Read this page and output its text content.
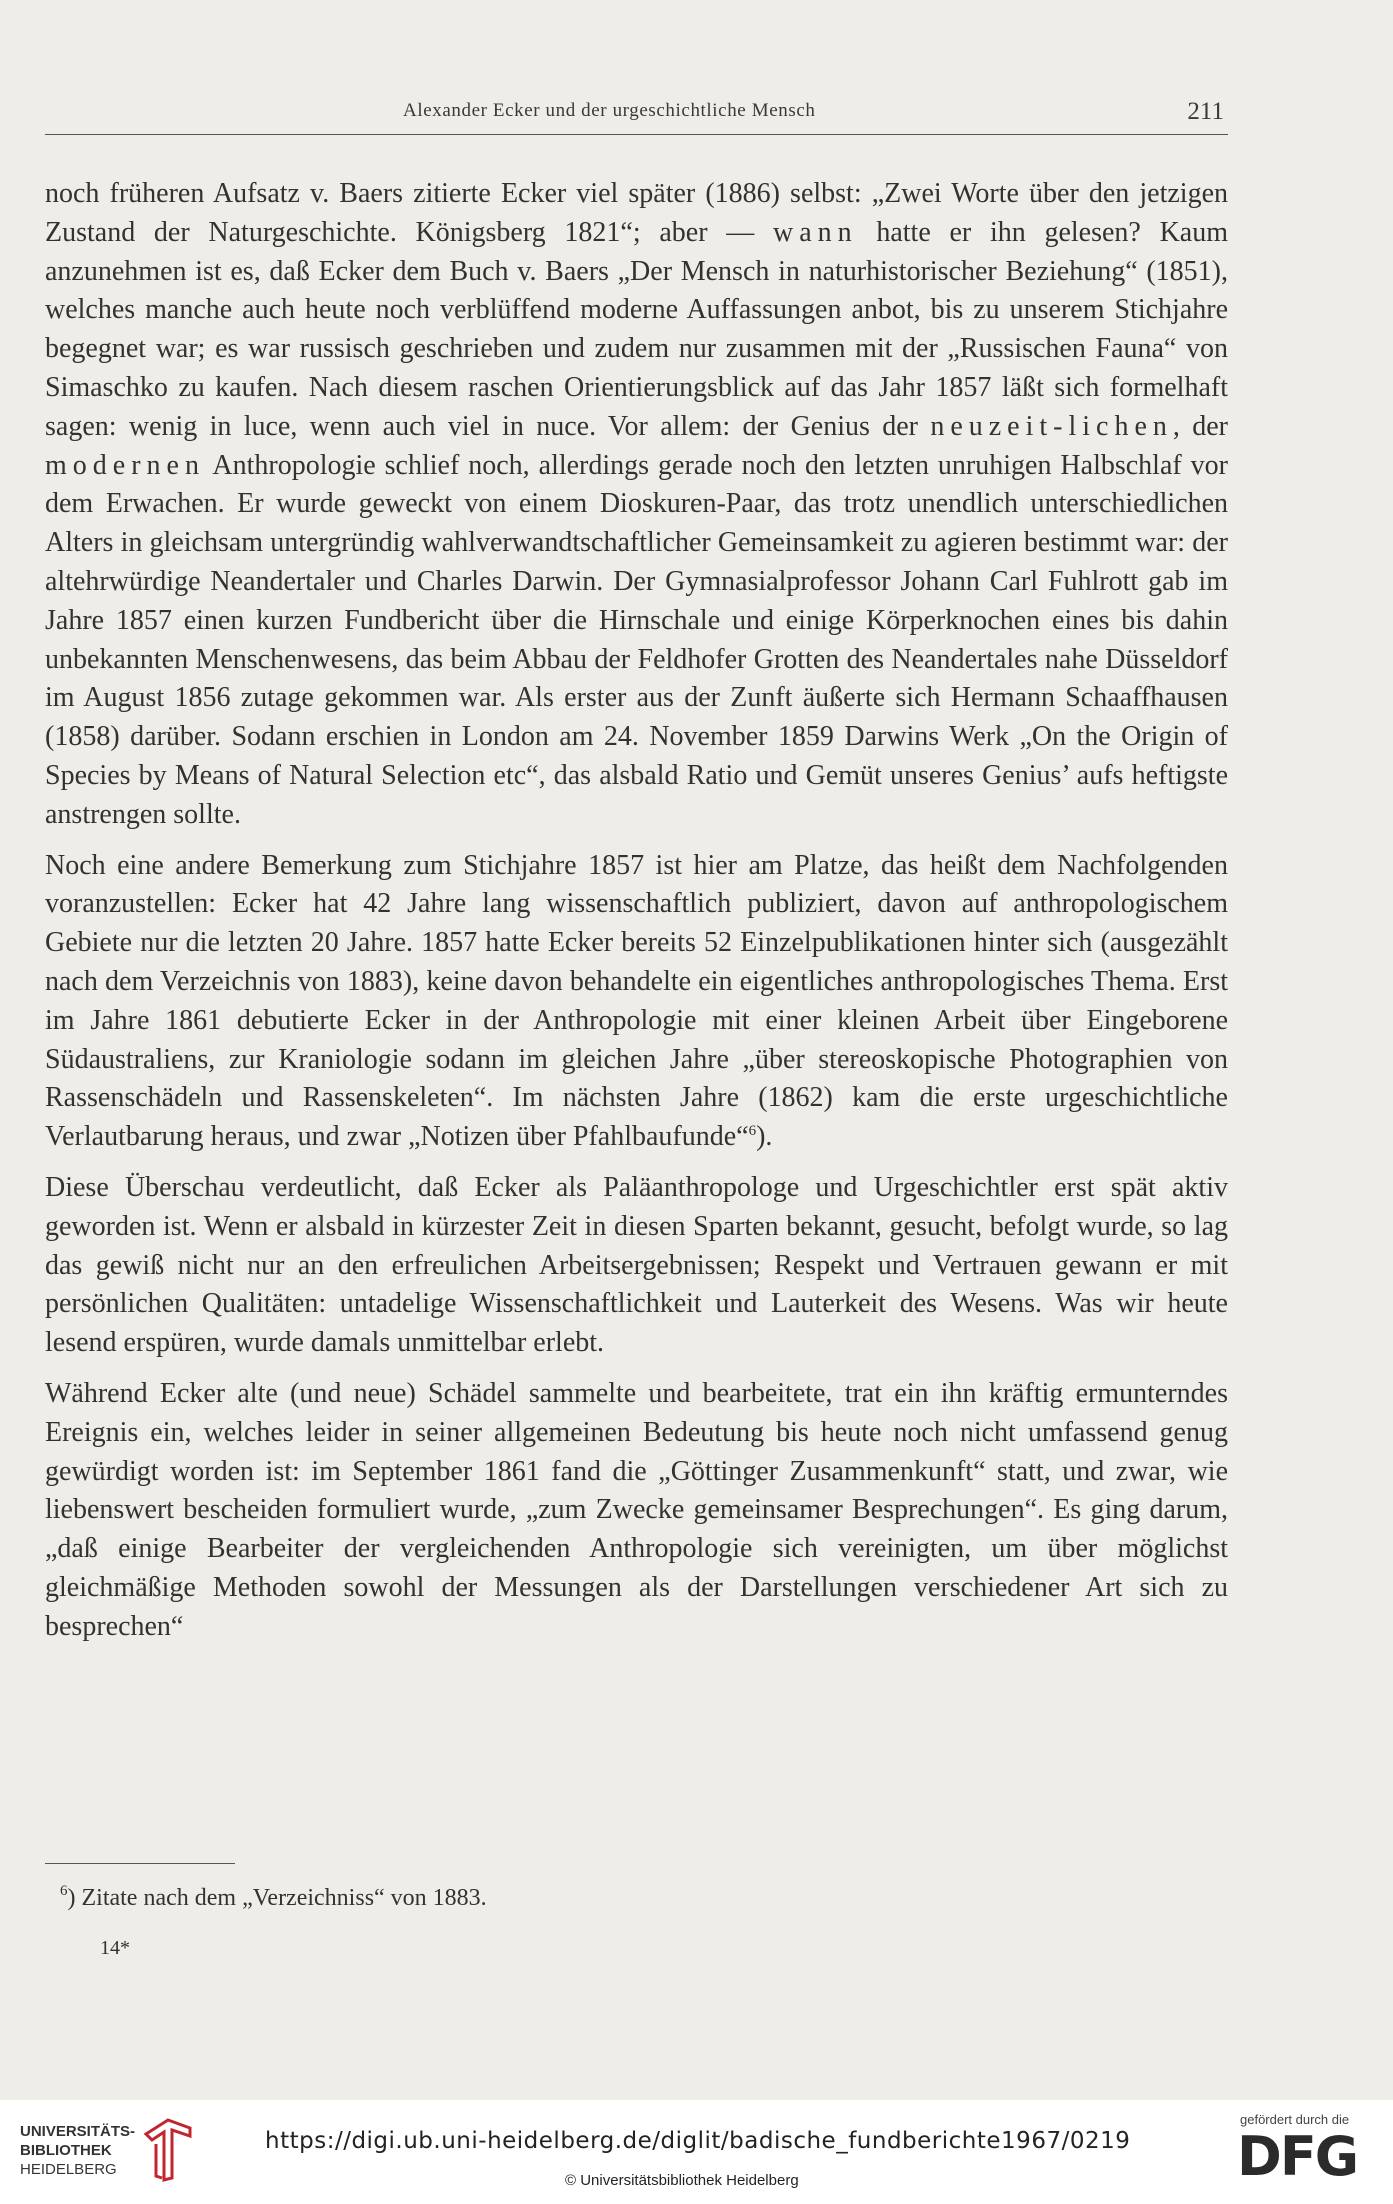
Alexander Ecker und der urgeschichtliche Mensch	211

noch früheren Aufsatz v. Baers zitierte Ecker viel später (1886) selbst: „Zwei Worte über den jetzigen Zustand der Naturgeschichte. Königsberg 1821“; aber — wann hatte er ihn gelesen? Kaum anzunehmen ist es, daß Ecker dem Buch v. Baers „Der Mensch in naturhistorischer Beziehung“ (1851), welches manche auch heute noch verblüffend moderne Auffassungen anbot, bis zu unserem Stichjahre begegnet war; es war russisch geschrieben und zudem nur zusammen mit der „Russischen Fauna“ von Simaschko zu kaufen. Nach diesem raschen Orientierungsblick auf das Jahr 1857 läßt sich formelhaft sagen: wenig in luce, wenn auch viel in nuce. Vor allem: der Genius der neuzeit-lichen, der modernen Anthropologie schlief noch, allerdings gerade noch den letzten unruhigen Halbschlaf vor dem Erwachen. Er wurde geweckt von einem Dioskuren-Paar, das trotz unendlich unterschiedlichen Alters in gleichsam untergründig wahlverwandtschaftlicher Gemeinsamkeit zu agieren bestimmt war: der altehrwürdige Neandertaler und Charles Darwin. Der Gymnasialprofessor Johann Carl Fuhlrott gab im Jahre 1857 einen kurzen Fundbericht über die Hirnschale und einige Körperknochen eines bis dahin unbekannten Menschenwesens, das beim Abbau der Feldhofer Grotten des Neandertales nahe Düsseldorf im August 1856 zutage gekommen war. Als erster aus der Zunft äußerte sich Hermann Schaaffhausen (1858) darüber. Sodann erschien in London am 24. November 1859 Darwins Werk „On the Origin of Species by Means of Natural Selection etc“, das alsbald Ratio und Gemüt unseres Genius’ aufs heftigste anstrengen sollte.

Noch eine andere Bemerkung zum Stichjahre 1857 ist hier am Platze, das heißt dem Nachfolgenden voranzustellen: Ecker hat 42 Jahre lang wissenschaftlich publiziert, davon auf anthropologischem Gebiete nur die letzten 20 Jahre. 1857 hatte Ecker bereits 52 Einzelpublikationen hinter sich (ausgezählt nach dem Verzeichnis von 1883), keine davon behandelte ein eigentliches anthropologisches Thema. Erst im Jahre 1861 debutierte Ecker in der Anthropologie mit einer kleinen Arbeit über Eingeborene Südaustraliens, zur Kraniologie sodann im gleichen Jahre „über stereoskopische Photographien von Rassenschädeln und Rassenskeleten“. Im nächsten Jahre (1862) kam die erste urgeschichtliche Verlautbarung heraus, und zwar „Notizen über Pfahlbaufunde“$^6$).

Diese Überschau verdeutlicht, daß Ecker als Paläanthropologe und Urgeschichtler erst spät aktiv geworden ist. Wenn er alsbald in kürzester Zeit in diesen Sparten bekannt, gesucht, befolgt wurde, so lag das gewiß nicht nur an den erfreulichen Arbeitsergebnissen; Respekt und Vertrauen gewann er mit persönlichen Qualitäten: untadelige Wissenschaftlichkeit und Lauterkeit des Wesens. Was wir heute lesend erspüren, wurde damals unmittelbar erlebt.

Während Ecker alte (und neue) Schädel sammelte und bearbeitete, trat ein ihn kräftig ermunterndes Ereignis ein, welches leider in seiner allgemeinen Bedeutung bis heute noch nicht umfassend genug gewürdigt worden ist: im September 1861 fand die „Göttinger Zusammenkunft“ statt, und zwar, wie liebenswert bescheiden formuliert wurde, „zum Zwecke gemeinsamer Besprechungen“. Es ging darum, „daß einige Bearbeiter der vergleichenden Anthropologie sich vereinigten, um über möglichst gleichmäßige Methoden sowohl der Messungen als der Darstellungen verschiedener Art sich zu besprechen“

$^6$) Zitate nach dem „Verzeichniss“ von 1883.
14*
UNIVERSITÄTS-
BIBLIOTHEK
HEIDELBERG
https://digi.ub.uni-heidelberg.de/diglit/badische_fundberichte1967/0219
© Universitätsbibliothek Heidelberg
gefördert durch die
DFG
